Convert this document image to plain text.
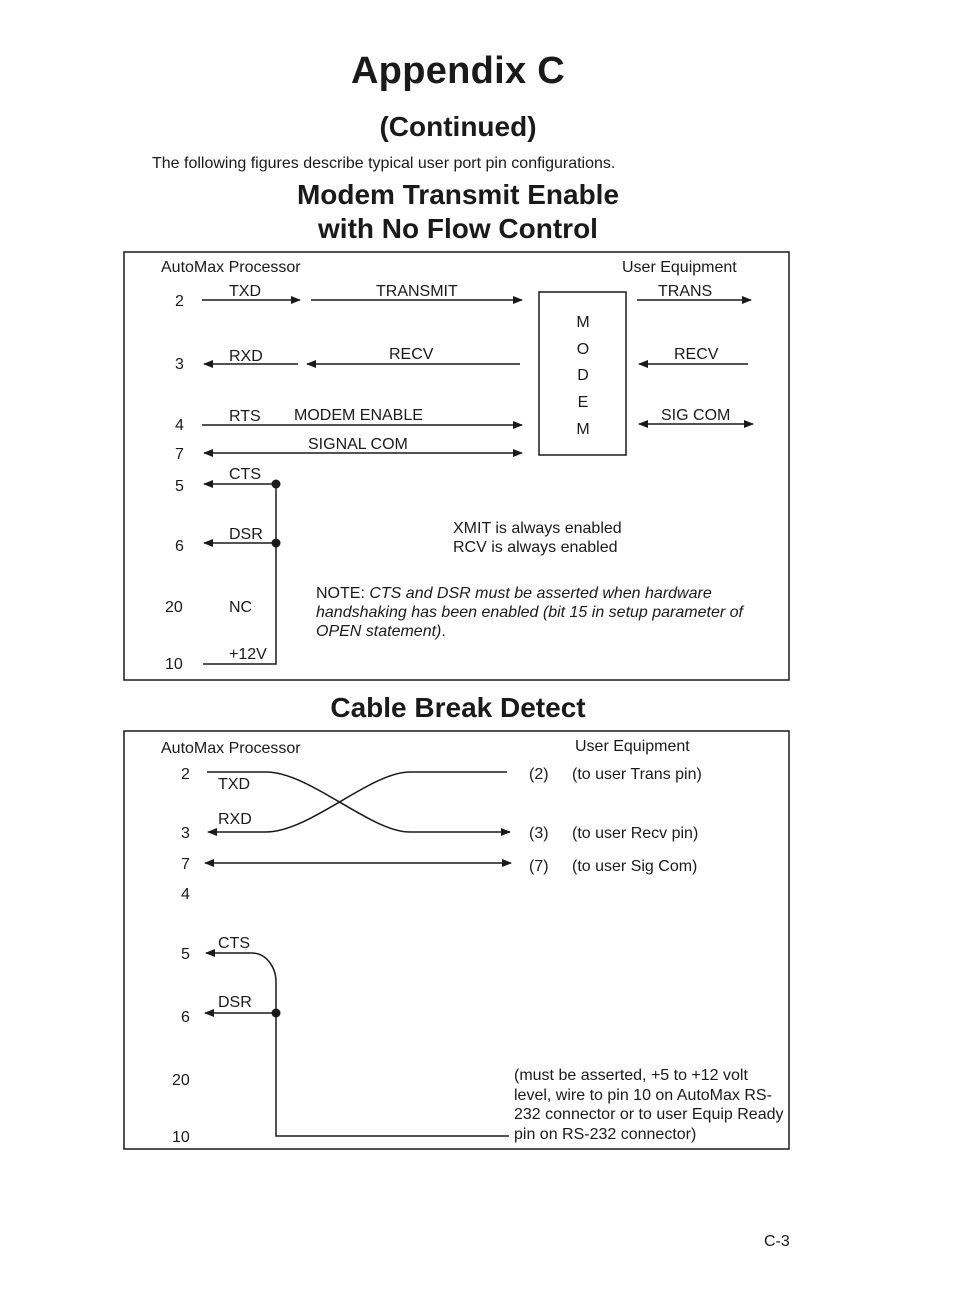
Appendix C
(Continued)
The following figures describe typical user port pin configurations.
Modem Transmit Enable
with No Flow Control
Cable Break Detect
AutoMax Processor	User Equipment
2
3
4
7
5
6
20
10
TXD
RXD
RTS
CTS
DSR
NC
+12V
TRANSMIT
RECV
MODEM ENABLE
SIGNAL COM
M
O
D
E
M
TRANS
RECV
SIG COM
XMIT is always enabled
RCV is always enabled
AutoMax Processor	User Equipment
2
3
7
4
5
6
20
10
TXD
RXD
CTS
DSR
(2)
(3)
(7)
(to user Trans pin)
(to user Recv pin)
(to user Sig Com)
NOTE: CTS and DSR must be asserted when hardware handshaking has been enabled (bit 15 in setup parameter of OPEN statement).
(must be asserted, +5 to +12 volt level, wire to pin 10 on AutoMax RS-232 connector or to user Equip Ready pin on RS-232 connector)
C-3
